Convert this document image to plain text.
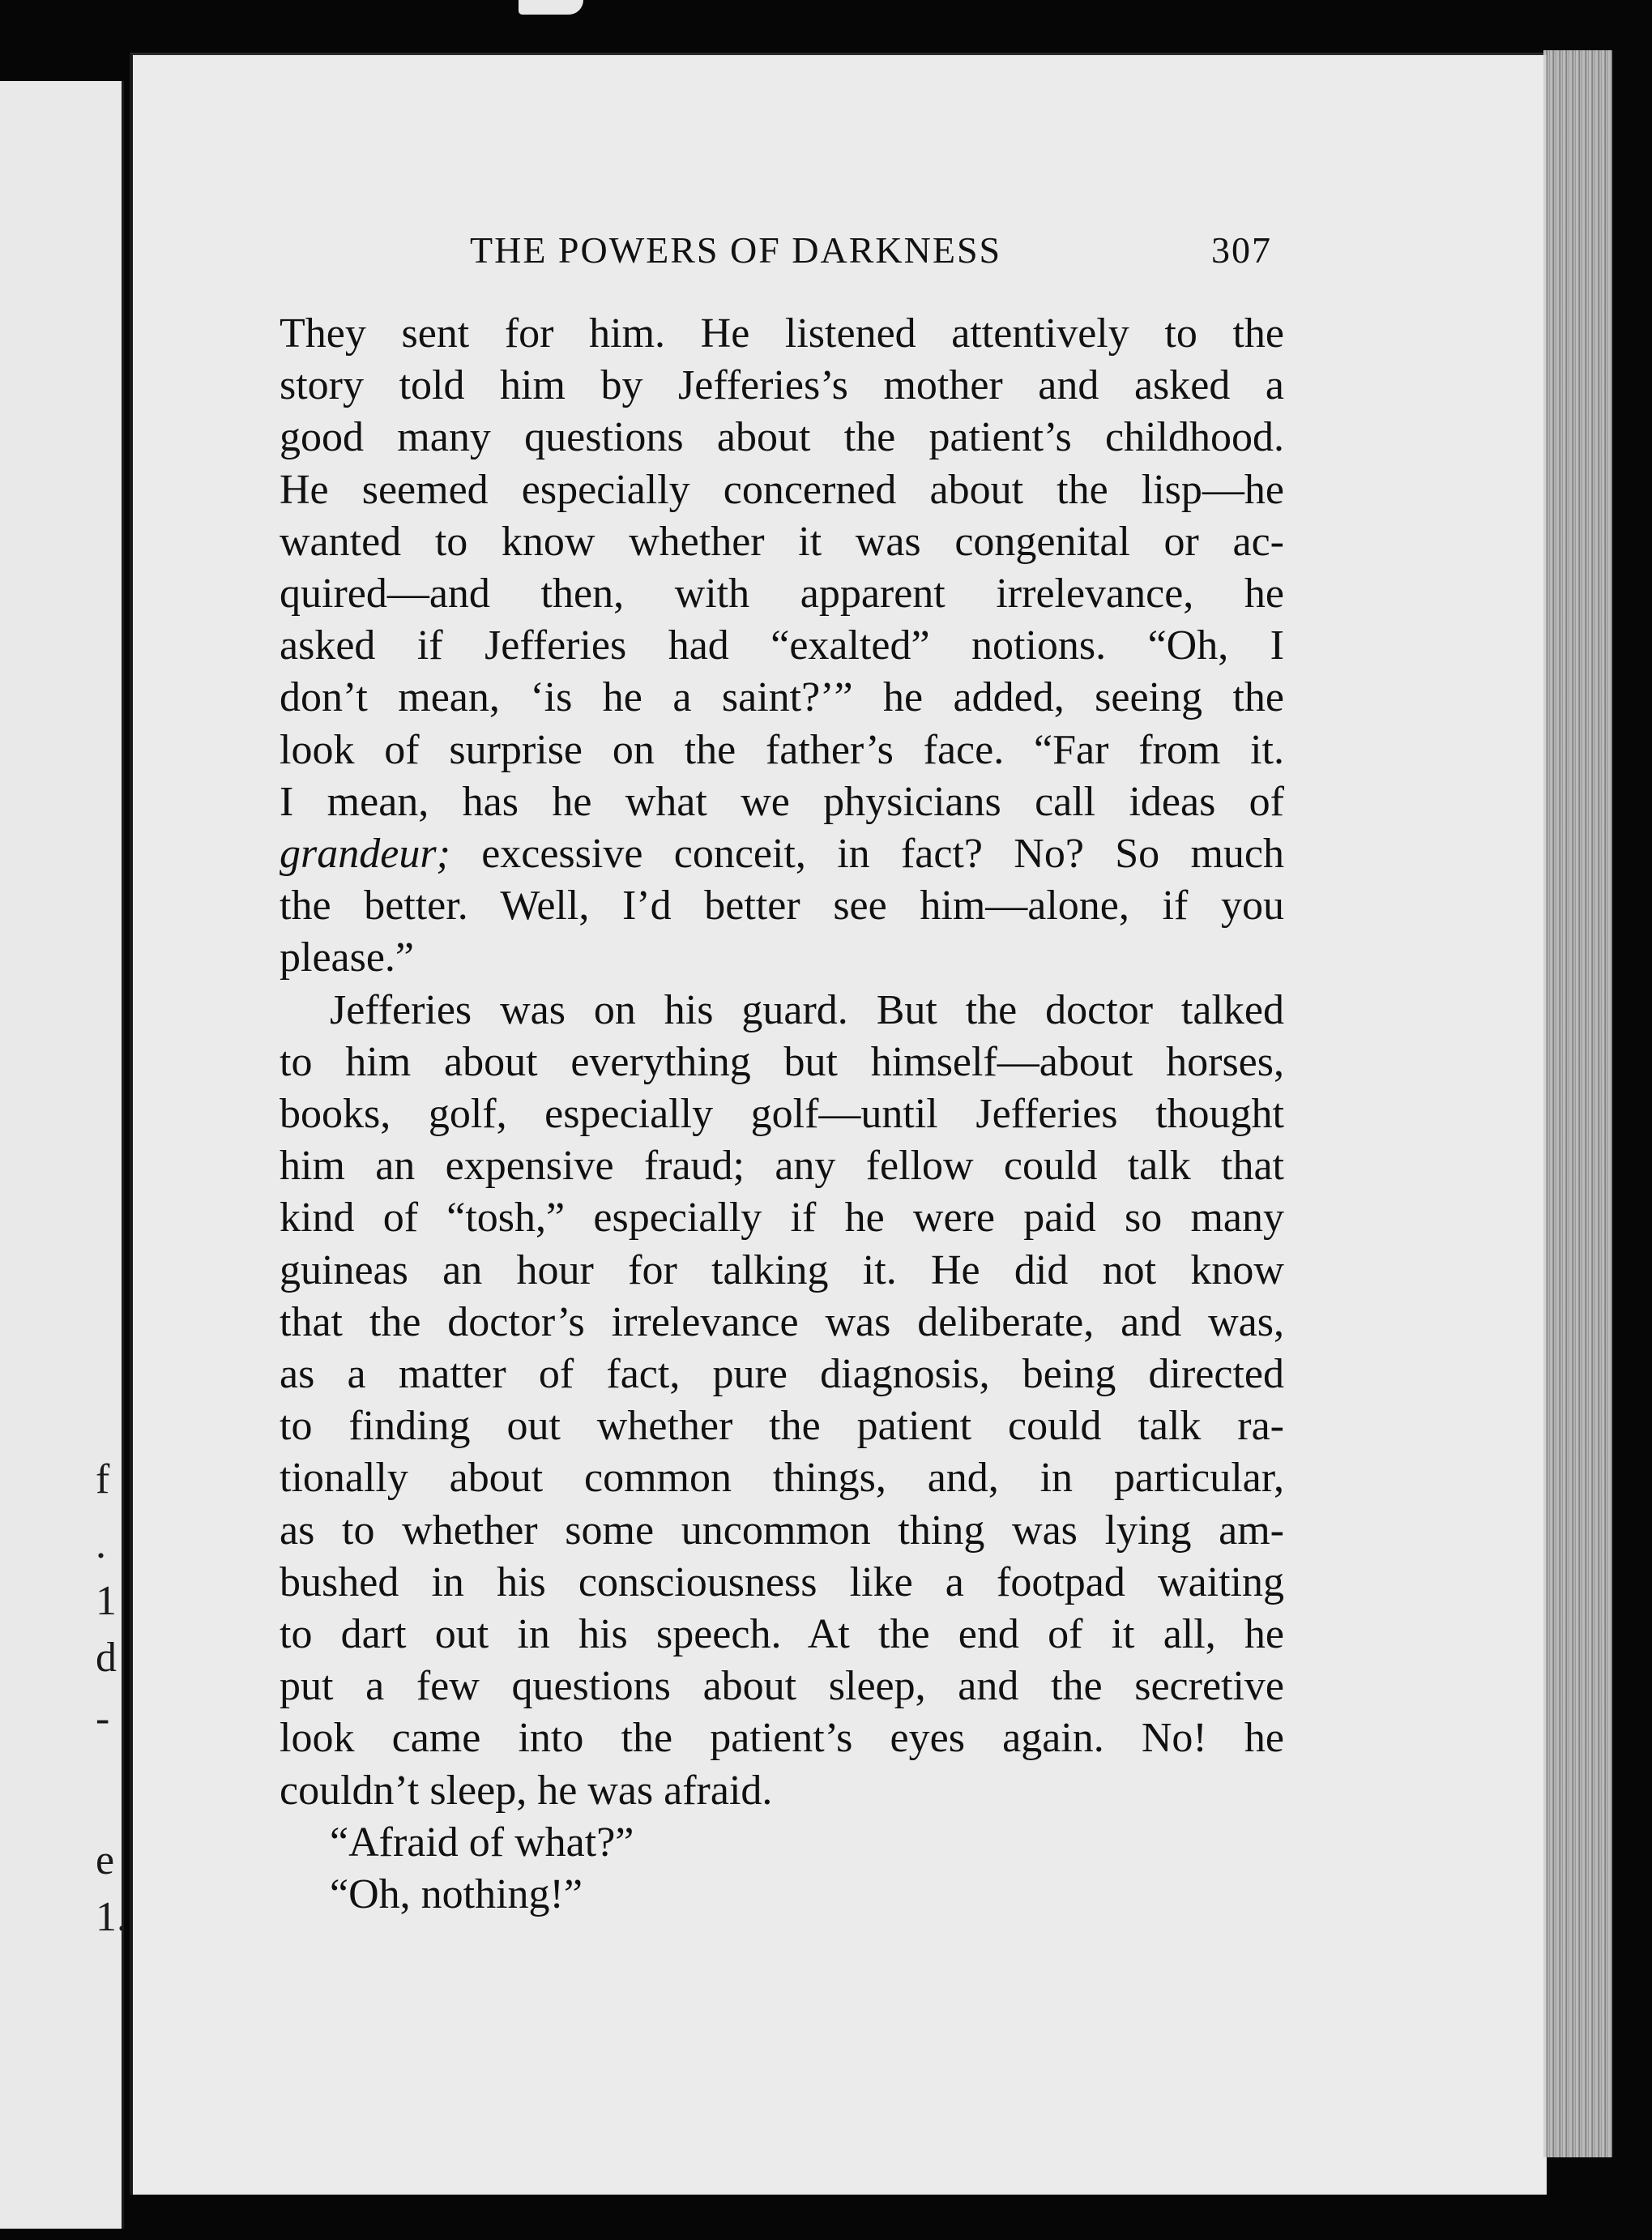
f
.
1
d
-
e
1.
THE POWERS OF DARKNESS	307
They sent for him. He listened attentively to the
story told him by Jefferies’s mother and asked a
good many questions about the patient’s childhood.
He seemed especially concerned about the lisp—he
wanted to know whether it was congenital or ac-
quired—and then, with apparent irrelevance, he
asked if Jefferies had “exalted” notions. “Oh, I
don’t mean, ‘is he a saint?’” he added, seeing the
look of surprise on the father’s face. “Far from it.
I mean, has he what we physicians call ideas of
grandeur; excessive conceit, in fact? No? So much
the better. Well, I’d better see him—alone, if you
please.”
Jefferies was on his guard. But the doctor talked
to him about everything but himself—about horses,
books, golf, especially golf—until Jefferies thought
him an expensive fraud; any fellow could talk that
kind of “tosh,” especially if he were paid so many
guineas an hour for talking it. He did not know
that the doctor’s irrelevance was deliberate, and was,
as a matter of fact, pure diagnosis, being directed
to finding out whether the patient could talk ra-
tionally about common things, and, in particular,
as to whether some uncommon thing was lying am-
bushed in his consciousness like a footpad waiting
to dart out in his speech. At the end of it all, he
put a few questions about sleep, and the secretive
look came into the patient’s eyes again. No! he
couldn’t sleep, he was afraid.
“Afraid of what?”
“Oh, nothing!”
